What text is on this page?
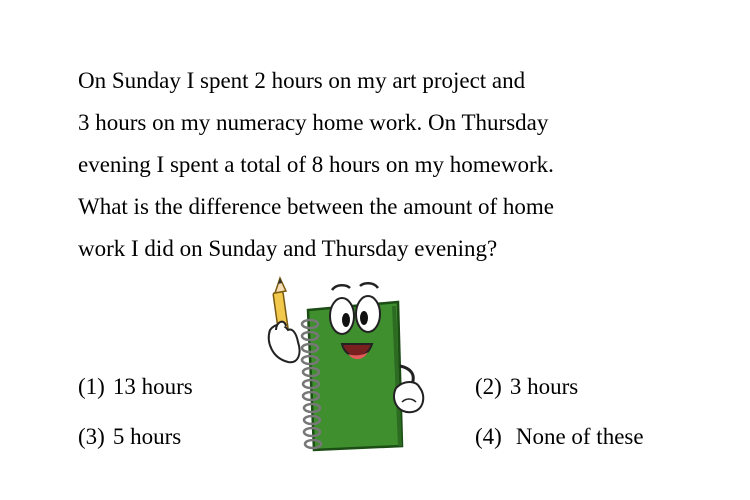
On Sunday I spent 2 hours on my art project and
3 hours on my numeracy home work. On Thursday
evening I spent a total of 8 hours on my homework.
What is the difference between the amount of home
work I did on Sunday and Thursday evening?
(1) 13 hours	(2) 3 hours
(3) 5 hours	(4) None of these
